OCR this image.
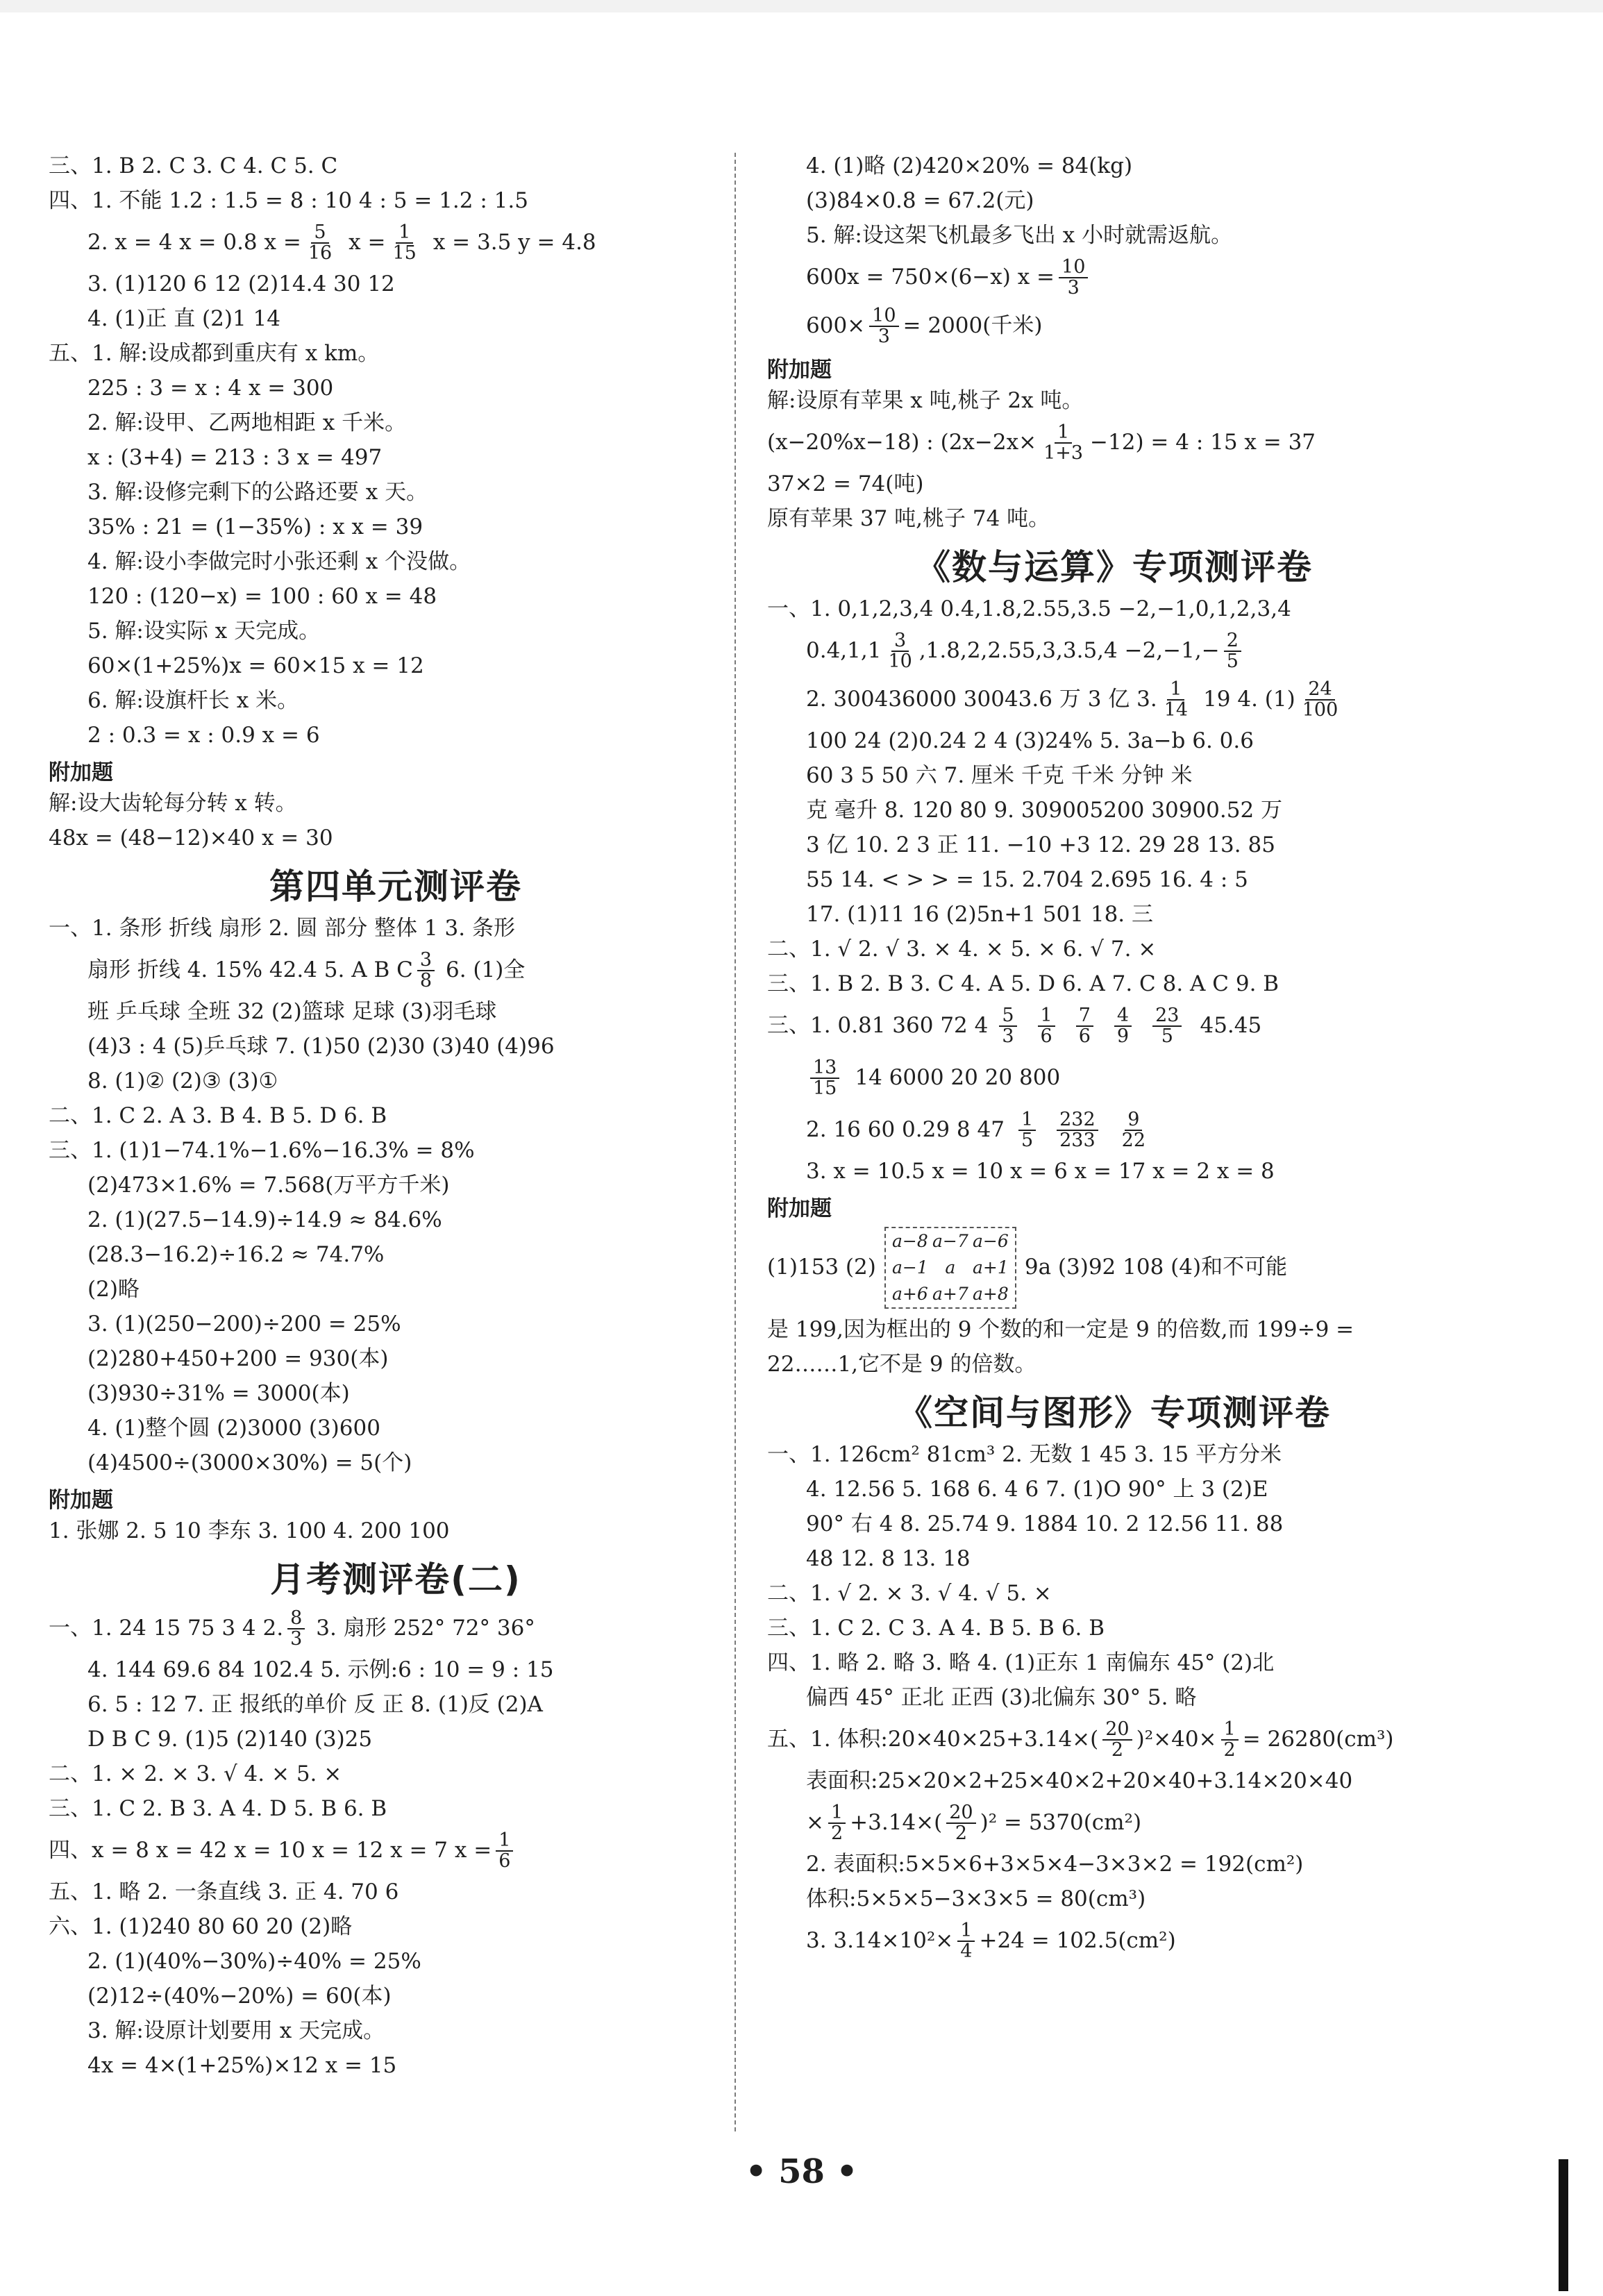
三、1. B 2. C 3. C 4. C 5. C
四、1. 不能 1.2 : 1.5 = 8 : 10 4 : 5 = 1.2 : 1.5
2. x = 4 x = 0.8 $x = \frac{5}{16}$ $x = \frac{1}{15}$ x = 3.5 y = 4.8
3. (1)120 6 12 (2)14.4 30 12
4. (1)正 直 (2)1 14
五、1. 解:设成都到重庆有 x km。
225 : 3 = x : 4 x = 300
2. 解:设甲、乙两地相距 x 千米。
x : (3+4) = 213 : 3 x = 497
3. 解:设修完剩下的公路还要 x 天。
35% : 21 = (1−35%) : x x = 39
4. 解:设小李做完时小张还剩 x 个没做。
120 : (120−x) = 100 : 60 x = 48
5. 解:设实际 x 天完成。
60×(1+25%)x = 60×15 x = 12
6. 解:设旗杆长 x 米。
2 : 0.3 = x : 0.9 x = 6
附加题
解:设大齿轮每分转 x 转。
48x = (48−12)×40 x = 30
第四单元测评卷
一、1. 条形 折线 扇形 2. 圆 部分 整体 1 3. 条形
扇形 折线 4. 15% 42.4 5. A B C $\frac{3}{8} 6$. (1)全
班 乒乓球 全班 32 (2)篮球 足球 (3)羽毛球
(4)3 : 4 (5)乒乓球 7. (1)50 (2)30 (3)40 (4)96
8. (1)② (2)③ (3)①
二、1. C 2. A 3. B 4. B 5. D 6. B
三、1. (1)1−74.1%−1.6%−16.3% = 8%
(2)473×1.6% = 7.568(万平方千米)
2. (1)(27.5−14.9)÷14.9 ≈ 84.6%
(28.3−16.2)÷16.2 ≈ 74.7%
(2)略
3. (1)(250−200)÷200 = 25%
(2)280+450+200 = 930(本)
(3)930÷31% = 3000(本)
4. (1)整个圆 (2)3000 (3)600
(4)4500÷(3000×30%) = 5(个)
附加题
1. 张娜 2. 5 10 李东 3. 100 4. 200 100
月考测评卷(二)
一、1. 24 15 75 3 4 2. $\frac{8}{3} 3$. 扇形 252° 72° 36°
4. 144 69.6 84 102.4 5. 示例:6 : 10 = 9 : 15
6. 5 : 12 7. 正 报纸的单价 反 正 8. (1)反 (2)A
D B C 9. (1)5 (2)140 (3)25
二、1. × 2. × 3. √ 4. × 5. ×
三、1. C 2. B 3. A 4. D 5. B 6. B
四、x = 8 x = 42 x = 10 x = 12 x = 7 $x = \frac{1}{6}$
五、1. 略 2. 一条直线 3. 正 4. 70 6
六、1. (1)240 80 60 20 (2)略
2. (1)(40%−30%)÷40% = 25%
(2)12÷(40%−20%) = 60(本)
3. 解:设原计划要用 x 天完成。
4x = 4×(1+25%)×12 x = 15
4. (1)略 (2)420×20% = 84(kg)
(3)84×0.8 = 67.2(元)
5. 解:设这架飞机最多飞出 x 小时就需返航。
600x = 750×(6−x) $x = \frac{10}{3}$
$600\times \frac{10}{3} = 2000$(千米)
附加题
解:设原有苹果 x 吨,桃子 2x 吨。
(x−20%x−18) : $(2x-2x\times \frac{1}{1+3} -12) = 4$ : 15 x = 37
37×2 = 74(吨)
原有苹果 37 吨,桃子 74 吨。
《数与运算》专项测评卷
一、1. 0,1,2,3,4 0.4,1.8,2.55,3.5 −2,−1,0,1,2,3,4
$0.4,1,1 \frac{3}{10} ,1.8,2,2.55,3,3.5,4 -2,-1,- \frac{2}{5}$
2. 300436000 30043.6 万 3 亿 3. $\frac{1}{14} 19$ 4. $(1) \frac{24}{100}$
100 24 (2)0.24 2 4 (3)24% 5. 3a−b 6. 0.6
60 3 5 50 六 7. 厘米 千克 千米 分钟 米
克 毫升 8. 120 80 9. 309005200 30900.52 万
3 亿 10. 2 3 正 11. −10 +3 12. 29 28 13. 85
55 14. < > > = 15. 2.704 2.695 16. 4 : 5
17. (1)11 16 (2)5n+1 501 18. 三
二、1. √ 2. √ 3. × 4. × 5. × 6. √ 7. ×
三、1. B 2. B 3. C 4. A 5. D 6. A 7. C 8. A C 9. B
三、1. 0.81 360 72 $4 \frac{5}{3} \frac{1}{6} \frac{7}{6} \frac{4}{9} \frac{23}{5} 45.45$
$\frac{13}{15} 14$ 6000 20 20 800
2. 16 60 0.29 8 $47 \frac{1}{5} \frac{232}{233} \frac{9}{22}$
3. x = 10.5 x = 10 x = 6 x = 17 x = 2 x = 8
附加题
(1)153 (2)
a−8 a−7 a−6
a−1 a a+1
a+6 a+7 a+8
9a (3)92 108 (4)和不可能
是 199,因为框出的 9 个数的和一定是 9 的倍数,而 199÷9 =
22……1,它不是 9 的倍数。
《空间与图形》专项测评卷
一、1. 126cm² 81cm³ 2. 无数 1 45 3. 15 平方分米
4. 12.56 5. 168 6. 4 6 7. (1)O 90° 上 3 (2)E
90° 右 4 8. 25.74 9. 1884 10. 2 12.56 11. 88
48 12. 8 13. 18
二、1. √ 2. × 3. √ 4. √ 5. ×
三、1. C 2. C 3. A 4. B 5. B 6. B
四、1. 略 2. 略 3. 略 4. (1)正东 1 南偏东 45° (2)北
偏西 45° 正北 正西 (3)北偏东 30° 5. 略
五、1. 体积:20×40×25+3.14×( $\frac{20}{2} )^2\times 40\times \frac{1}{2} = 26280(cm^3)$
表面积:25×20×2+25×40×2+20×40+3.14×20×40
× $\frac{1}{2} +3.14\times( \frac{20}{2} )^2 = 5370(cm^2)$
2. 表面积:5×5×6+3×5×4−3×3×2 = 192(cm²)
体积:5×5×5−3×3×5 = 80(cm³)
3. $3.14\times 10^2\times \frac{1}{4} +24 = 102.5(cm^2)$
• 58 •
